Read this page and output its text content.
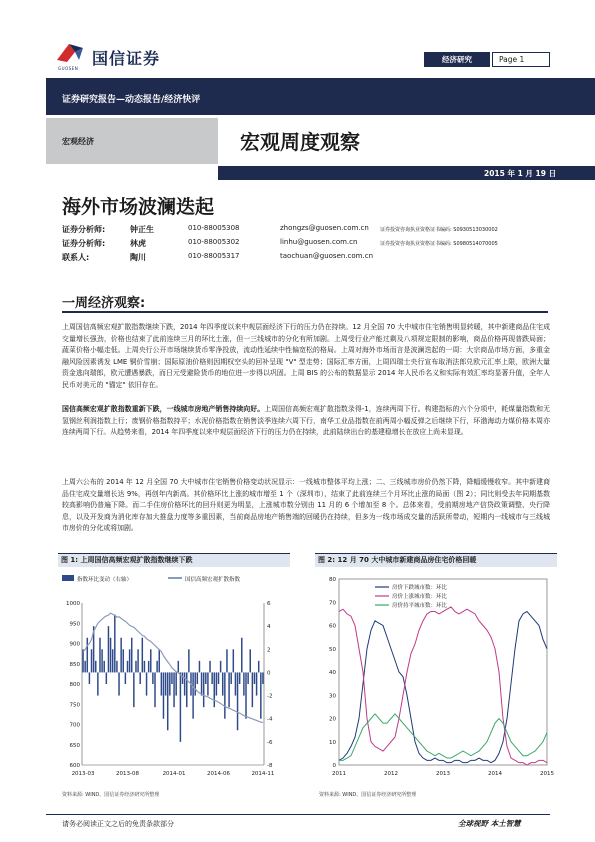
国信证券
GUOSEN
经济研究	Page 1
证券研究报告—动态报告/经济快评
宏观经济	宏观周度观察
2015 年 1 月 19 日
海外市场波澜迭起
证券分析师:	钟正生	010-88005308	zhongzs@guosen.com.cn 证券投资咨询执业资格证书编码: S0930513030002
证券分析师:	林虎	010-88005302	linhu@guosen.com.cn	证券投资咨询执业资格证书编码: S0980514070005
联系人:	陶川	010-88005317	taochuan@guosen.com.cn
一周经济观察:
上周国信高频宏观扩散指数继续下跌，2014 年四季度以来中观层面经济下行的压力仍在持续。12 月全国 70 大中城市住宅销售明显转暖，其中新建商品住宅成交量增长强劲，价格也结束了此前连续三月的环比土涨，但一三线城市的分化有所加剧。上周受行业产能过剩及八项规定限制的影响，商品价格再现普跌局面；蔬菜价格小幅走低。上周央行公开市场继续货币零净投放，流动性延续中性偏宽松的格局。上周对海外市场而言是波澜迭起的一周：大宗商品市场方面，多重金融风险因素诱发 LME 铜价雪崩；国际原油价格则因期权空头的回补呈现 "V" 型走势；国际汇率方面，上周四瑞士央行宣布取消法郎兑欧元汇率上限，欧洲大量资金逃向瑞郎，欧元遭遇暴跌，而日元受避险货币的地位进一步得以巩固。上周 BIS 的公布的数据显示 2014 年人民币名义和实际有效汇率均显著升值，全年人民币对美元的 "锚定" 依旧存在。
国信高频宏观扩散指数重新下跌，一线城市房地产销售持续向好。上周国信高频宏观扩散指数录得-1，连续两周下行。构建指标的六个分项中，耗煤量指数和无氢钢丝利润指数上行；废钢价格指数持平；水泥价格指数在销售淡季连续六周下行，南华工业品指数在前两周小幅反弹之后继续下行，环渤海动力煤价格本周亦连续两周下行。从趋势来看，2014 年四季度以来中观层面经济下行的压力仍在持续，此前陆续出台的基建稳增长在放应上尚未显现。
上周六公布的 2014 年 12 月全国 70 大中城市住宅销售价格变动状况显示：一线城市整体平均上涨；二、三线城市房价仍然下降，降幅缓慢收窄。其中新建商品住宅成交量增长达 9%，再创年内新高。其价格环比上涨的城市增至 1 个（深圳市），结束了此前连续三个月环比止涨的局面（图 2）；同比则受去年同期基数较高影响仍普遍下降。而二手住房价格环比的回升则更为明显，上涨城市数分别由 11 月的 6 个增加至 8 个。总体来看，受前期房地产信贷政策调整、央行降息，以及开发商为消化库存加大推盘力度等多重因素，当前商品房地产销售端的回暖仍在持续，但多为一线市场成交量的活跃所带动，短期内一线城市与三线城市房价的分化或将加剧。
图 1: 上周国信高频宏观扩散指数继续下跌
指数环比变动（右轴）	国信高频宏观扩散指数
600
650
700
750
800
850
900
950
1000
-8
-6
-4
-2
0
2
4
6
2013-03	2013-08	2014-01	2014-06	2014-11
资料来源: WIND、国信证券经济研究所整理
图 2: 12 月 70 大中城市新建商品房住宅价格回暖
0
10
20
30
40
50
60
70
80
2011	2012	2013	2014	2015
房价下跌城市数：环比
房价上涨城市数：环比
房价持平城市数：环比
资料来源: WIND、国信证券经济研究所整理
请务必阅读正文之后的免责条款部分	全球视野 本土智慧
